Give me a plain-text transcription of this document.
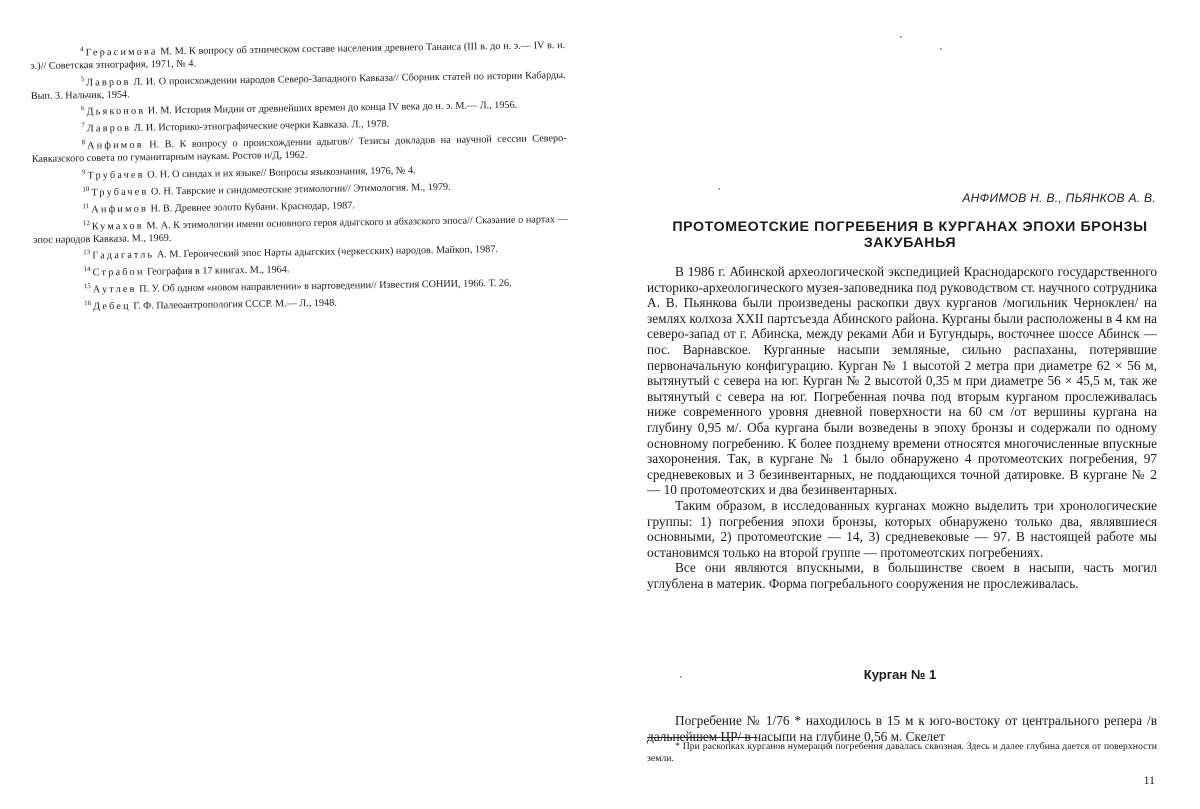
$^4$ Герасимова М. М. К вопросу об этническом составе населения древнего Танаиса (III в. до н. э.— IV в. н. э.)// Советская этнография, 1971, № 4.

$^5$ Лавров Л. И. О происхождении народов Северо-Западного Кавказа// Сборник статей по истории Кабарды. Вып. 3. Нальчик, 1954.

$^6$ Дьяконов И. М. История Мидии от древнейших времен до конца IV века до н. э. М.— Л., 1956.

$^7$ Лавров Л. И. Историко-этнографические очерки Кавказа. Л., 1978.

$^8$ Анфимов Н. В. К вопросу о происхождении адыгов// Тезисы докладов на научной сессии Северо-Кавказского совета по гуманитарным наукам. Ростов н/Д, 1962.

$^9$ Трубачев О. Н. О синдах и их языке// Вопросы языкознания, 1976, № 4.

$^{10}$ Трубачев О. Н. Таврские и синдомеотские этимологии// Этимология. М., 1979.

$^{11}$ Анфимов Н. В. Древнее золото Кубани. Краснодар, 1987.

$^{12}$ Кумахов М. А. К этимологии имени основного героя адыгского и абхазского эпоса// Сказание о нартах — эпос народов Кавказа. М., 1969.

$^{13}$ Гадагатль А. М. Героический эпос Нарты адыгских (черкесских) народов. Майкоп, 1987.

$^{14}$ Страбон География в 17 книгах. М., 1964.

$^{15}$ Аутлев П. У. Об одном «новом направлении» в нартоведении// Известия СОНИИ, 1966. Т. 26.

$^{16}$ Дебец Г. Ф. Палеоантропология СССР. М.— Л., 1948.

АНФИМОВ Н. В., ПЬЯНКОВ А. В.
ПРОТОМЕОТСКИЕ ПОГРЕБЕНИЯ В КУРГАНАХ ЭПОХИ БРОНЗЫ ЗАКУБАНЬЯ

В 1986 г. Абинской археологической экспедицией Краснодарского государственного историко-археологического музея-заповедника под руководством ст. научного сотрудника А. В. Пьянкова были произведены раскопки двух курганов /могильник Черноклен/ на землях колхоза XXII партсъезда Абинского района. Курганы были расположены в 4 км на северо-запад от г. Абинска, между реками Аби и Бугундырь, восточнее шоссе Абинск — пос. Варнавское. Курганные насыпи земляные, сильно распаханы, потерявшие первоначальную конфигурацию. Курган № 1 высотой 2 метра при диаметре 62 × 56 м, вытянутый с севера на юг. Курган № 2 высотой 0,35 м при диаметре 56 × 45,5 м, так же вытянутый с севера на юг. Погребенная почва под вторым курганом прослеживалась ниже современного уровня дневной поверхности на 60 см /от вершины кургана на глубину 0,95 м/. Оба кургана были возведены в эпоху бронзы и содержали по одному основному погребению. К более позднему времени относятся многочисленные впускные захоронения. Так, в кургане № 1 было обнаружено 4 протомеотских погребения, 97 средневековых и 3 безинвентарных, не поддающихся точной датировке. В кургане № 2 — 10 протомеотских и два безинвентарных.

Таким образом, в исследованных курганах можно выделить три хронологические группы: 1) погребения эпохи бронзы, которых обнаружено только два, являвшиеся основными, 2) протомеотские — 14, 3) средневековые — 97. В настоящей работе мы остановимся только на второй группе — протомеотских погребениях.

Все они являются впускными, в большинстве своем в насыпи, часть могил углублена в материк. Форма погребального сооружения не прослеживалась.

Курган № 1

Погребение № 1/76 * находилось в 15 м к юго-востоку от центрального репера /в дальнейшем ЦР/ в насыпи на глубине 0,56 м. Скелет

* При раскопках курганов нумерация погребения давалась сквозная. Здесь и далее глубина дается от поверхности земли.

11
